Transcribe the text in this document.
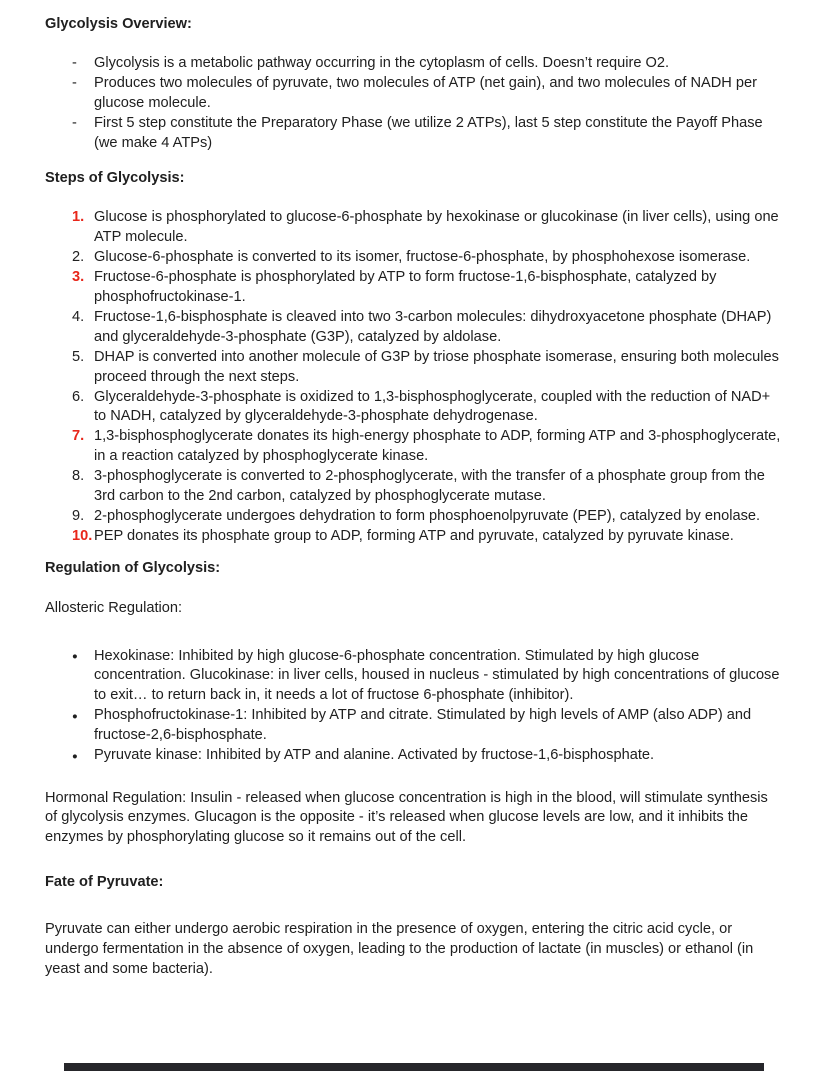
Glycolysis Overview:
-	Glycolysis is a metabolic pathway occurring in the cytoplasm of cells. Doesn’t require O2.
-	Produces two molecules of pyruvate, two molecules of ATP (net gain), and two molecules of NADH per glucose molecule.
-	First 5 step constitute the Preparatory Phase (we utilize 2 ATPs), last 5 step constitute the Payoff Phase (we make 4 ATPs)
Steps of Glycolysis:
1. Glucose is phosphorylated to glucose-6-phosphate by hexokinase or glucokinase (in liver cells), using one ATP molecule.
2. Glucose-6-phosphate is converted to its isomer, fructose-6-phosphate, by phosphohexose isomerase.
3. Fructose-6-phosphate is phosphorylated by ATP to form fructose-1,6-bisphosphate, catalyzed by phosphofructokinase-1.
4. Fructose-1,6-bisphosphate is cleaved into two 3-carbon molecules: dihydroxyacetone phosphate (DHAP) and glyceraldehyde-3-phosphate (G3P), catalyzed by aldolase.
5. DHAP is converted into another molecule of G3P by triose phosphate isomerase, ensuring both molecules proceed through the next steps.
6. Glyceraldehyde-3-phosphate is oxidized to 1,3-bisphosphoglycerate, coupled with the reduction of NAD+ to NADH, catalyzed by glyceraldehyde-3-phosphate dehydrogenase.
7. 1,3-bisphosphoglycerate donates its high-energy phosphate to ADP, forming ATP and 3-phosphoglycerate, in a reaction catalyzed by phosphoglycerate kinase.
8. 3-phosphoglycerate is converted to 2-phosphoglycerate, with the transfer of a phosphate group from the 3rd carbon to the 2nd carbon, catalyzed by phosphoglycerate mutase.
9. 2-phosphoglycerate undergoes dehydration to form phosphoenolpyruvate (PEP), catalyzed by enolase.
10. PEP donates its phosphate group to ADP, forming ATP and pyruvate, catalyzed by pyruvate kinase.
Regulation of Glycolysis:

Allosteric Regulation:

●	Hexokinase: Inhibited by high glucose-6-phosphate concentration. Stimulated by high glucose concentration. Glucokinase: in liver cells, housed in nucleus - stimulated by high concentrations of glucose to exit… to return back in, it needs a lot of fructose 6-phosphate (inhibitor).
●	Phosphofructokinase-1: Inhibited by ATP and citrate. Stimulated by high levels of AMP (also ADP) and fructose-2,6-bisphosphate.
●	Pyruvate kinase: Inhibited by ATP and alanine. Activated by fructose-1,6-bisphosphate.

Hormonal Regulation: Insulin - released when glucose concentration is high in the blood, will stimulate synthesis of glycolysis enzymes. Glucagon is the opposite - it’s released when glucose levels are low, and it inhibits the enzymes by phosphorylating glucose so it remains out of the cell.

Fate of Pyruvate:

Pyruvate can either undergo aerobic respiration in the presence of oxygen, entering the citric acid cycle, or undergo fermentation in the absence of oxygen, leading to the production of lactate (in muscles) or ethanol (in yeast and some bacteria).
